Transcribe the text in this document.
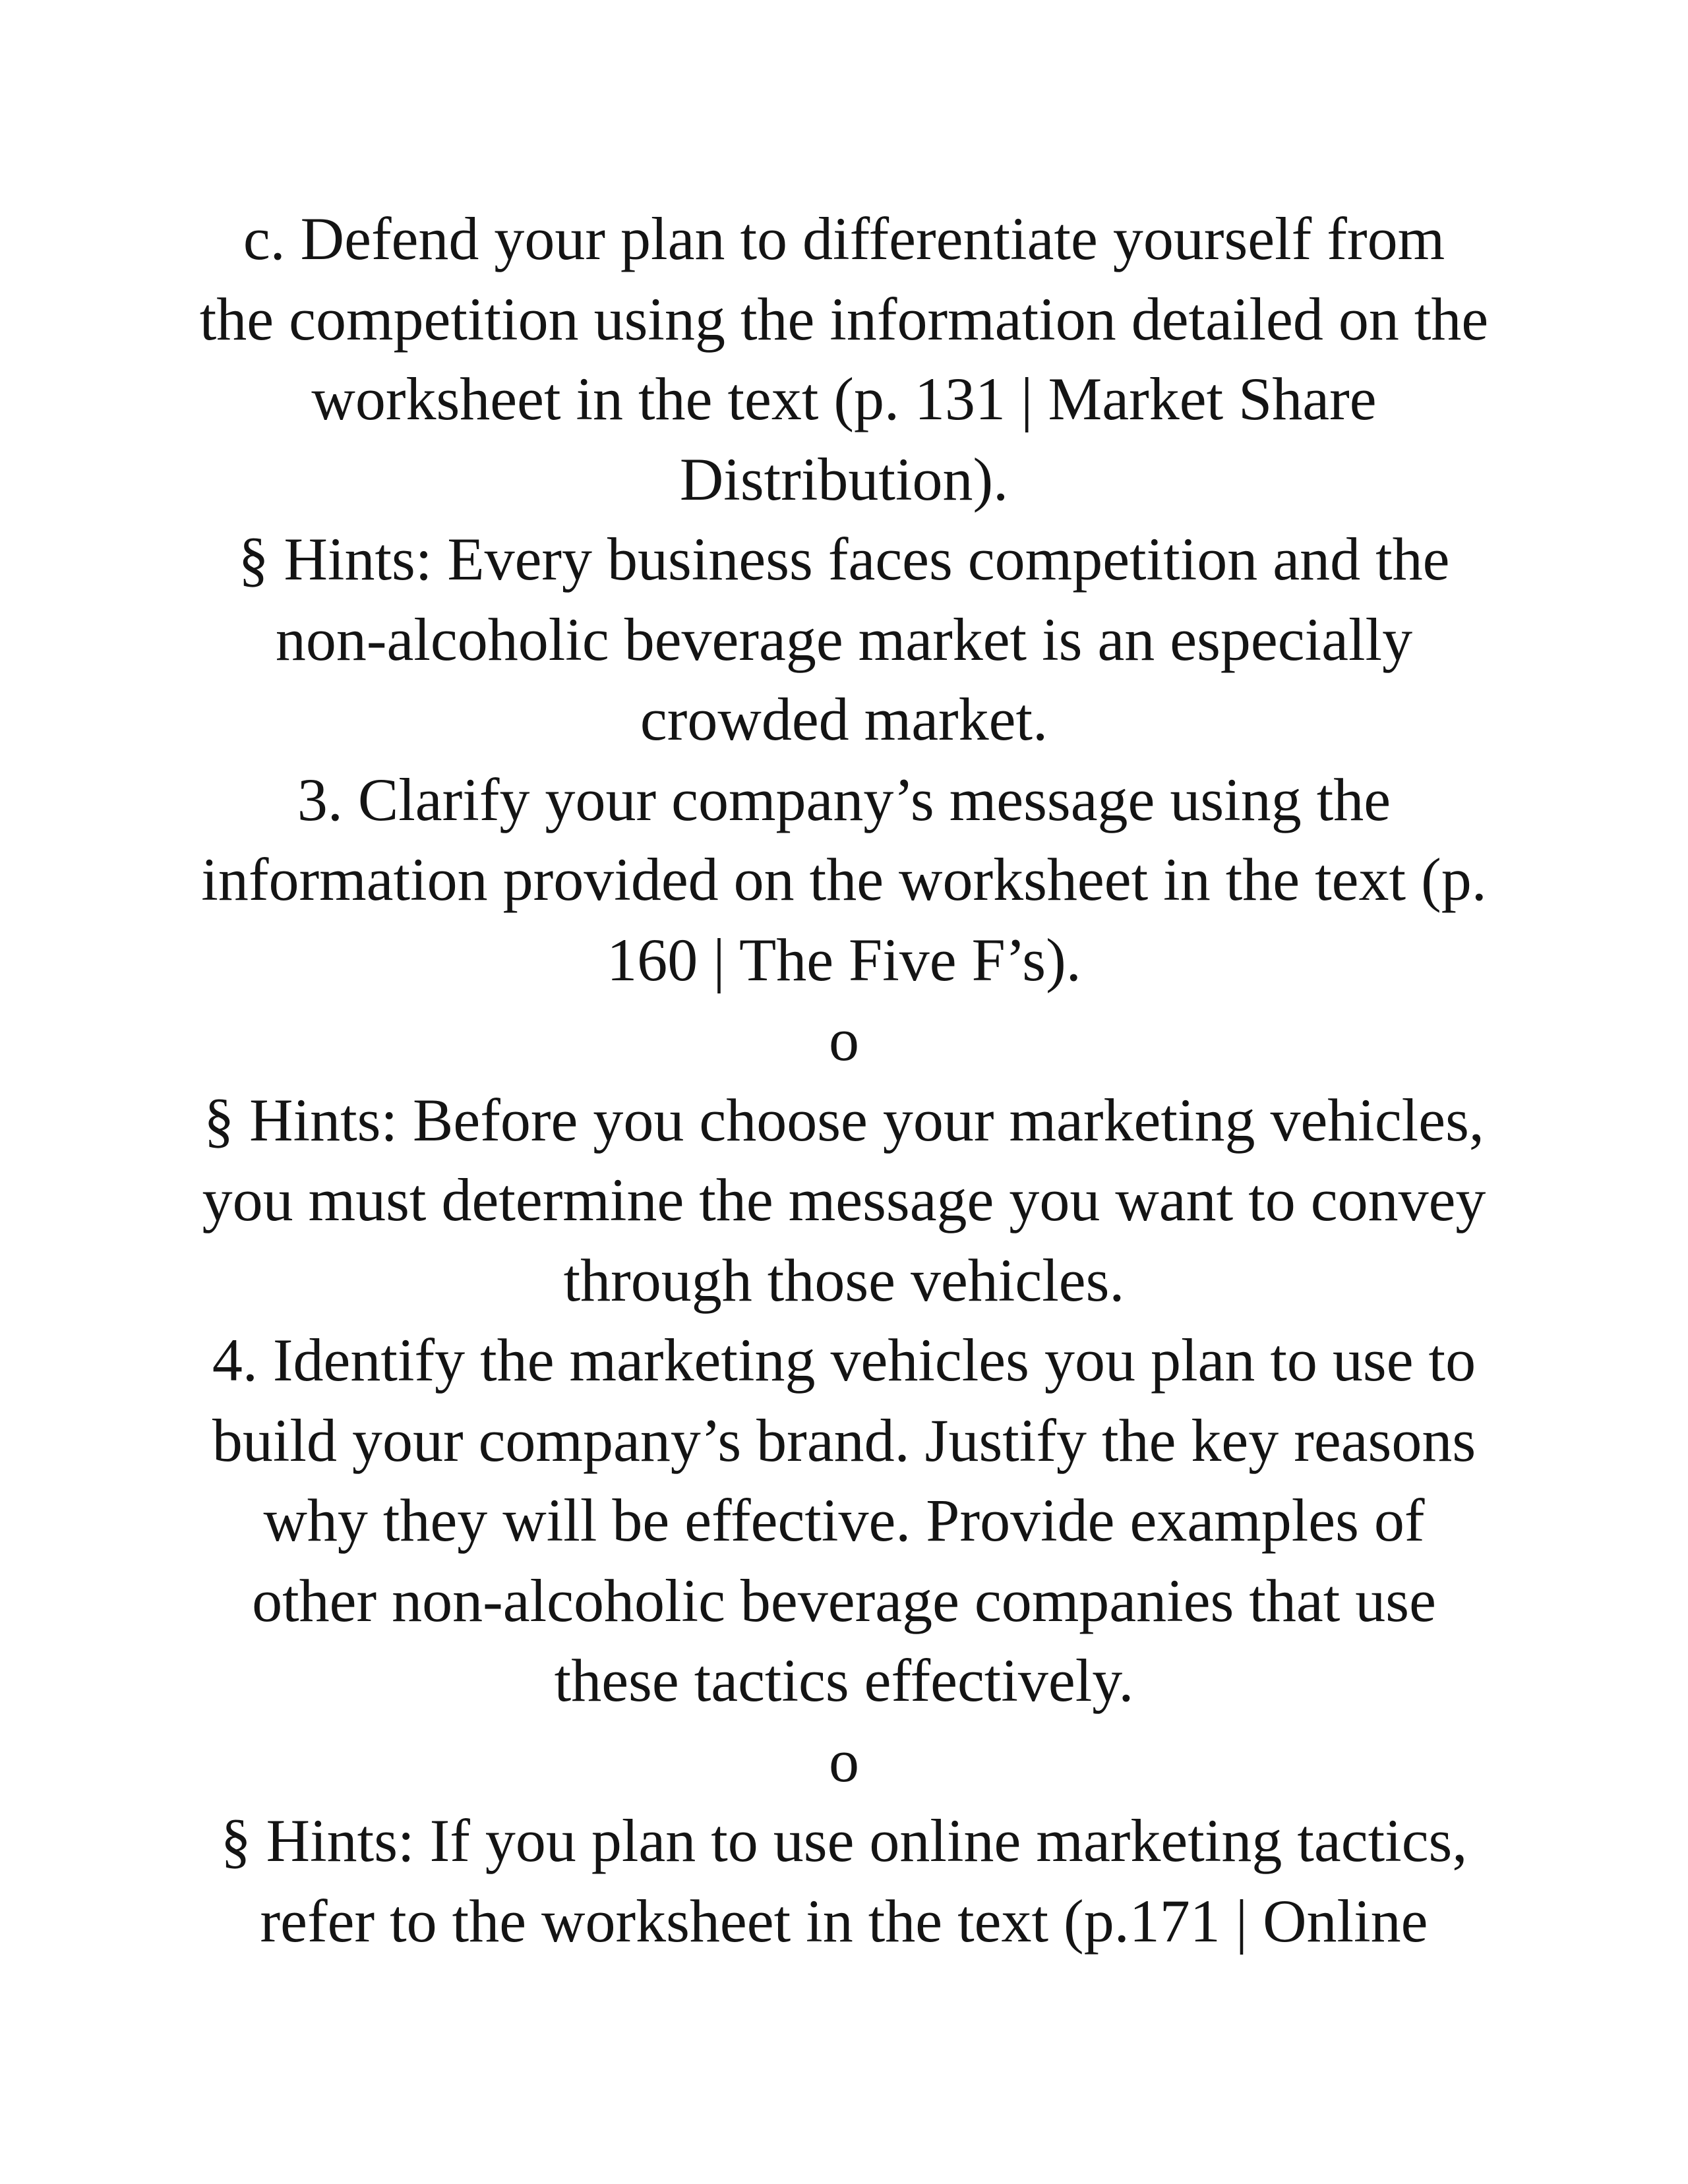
c. Defend your plan to differentiate yourself from
the competition using the information detailed on the
worksheet in the text (p. 131 | Market Share
Distribution).
§ Hints: Every business faces competition and the
non-alcoholic beverage market is an especially
crowded market.
3. Clarify your company’s message using the
information provided on the worksheet in the text (p.
160 | The Five F’s).
o
§ Hints: Before you choose your marketing vehicles,
you must determine the message you want to convey
through those vehicles.
4. Identify the marketing vehicles you plan to use to
build your company’s brand. Justify the key reasons
why they will be effective. Provide examples of
other non-alcoholic beverage companies that use
these tactics effectively.
o
§ Hints: If you plan to use online marketing tactics,
refer to the worksheet in the text (p.171 | Online
